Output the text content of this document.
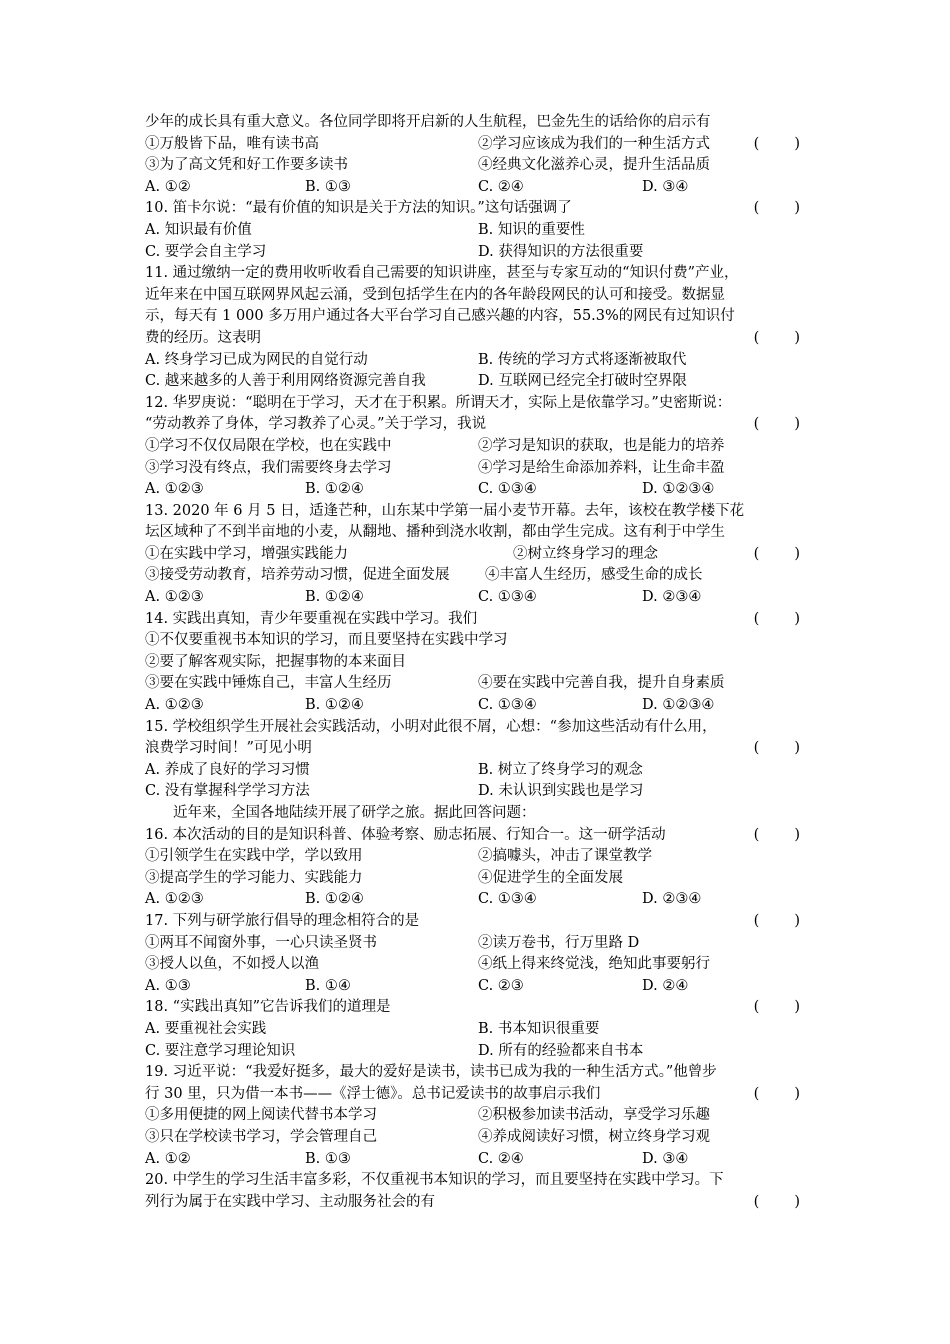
少年的成长具有重大意义。各位同学即将开启新的人生航程，巴金先生的话给你的启示有
①万般皆下品，唯有读书高	②学习应该成为我们的一种生活方式	(　　)
③为了高文凭和好工作要多读书	④经典文化滋养心灵，提升生活品质
A. ①②	B. ①③	C. ②④	D. ③④
10. 笛卡尔说：“最有价值的知识是关于方法的知识。”这句话强调了	(　　)
A. 知识最有价值	B. 知识的重要性
C. 要学会自主学习	D. 获得知识的方法很重要
11. 通过缴纳一定的费用收听收看自己需要的知识讲座，甚至与专家互动的“知识付费”产业，
近年来在中国互联网界风起云涌，受到包括学生在内的各年龄段网民的认可和接受。数据显
示，每天有 1 000 多万用户通过各大平台学习自己感兴趣的内容，55.3%的网民有过知识付
费的经历。这表明	(　　)
A. 终身学习已成为网民的自觉行动	B. 传统的学习方式将逐渐被取代
C. 越来越多的人善于利用网络资源完善自我	D. 互联网已经完全打破时空界限
12. 华罗庚说：“聪明在于学习，天才在于积累。所谓天才，实际上是依靠学习。”史密斯说：
“劳动教养了身体，学习教养了心灵。”关于学习，我说	(　　)
①学习不仅仅局限在学校，也在实践中	②学习是知识的获取，也是能力的培养
③学习没有终点，我们需要终身去学习	④学习是给生命添加养料，让生命丰盈
A. ①②③	B. ①②④	C. ①③④	D. ①②③④
13. 2020 年 6 月 5 日，适逢芒种，山东某中学第一届小麦节开幕。去年，该校在教学楼下花
坛区域种了不到半亩地的小麦，从翻地、播种到浇水收割，都由学生完成。这有利于中学生
①在实践中学习，增强实践能力	②树立终身学习的理念	(　　)
③接受劳动教育，培养劳动习惯，促进全面发展 ④丰富人生经历，感受生命的成长
A. ①②③	B. ①②④	C. ①③④	D. ②③④
14. 实践出真知，青少年要重视在实践中学习。我们	(　　)
①不仅要重视书本知识的学习，而且要坚持在实践中学习
②要了解客观实际，把握事物的本来面目
③要在实践中锤炼自己，丰富人生经历	④要在实践中完善自我，提升自身素质
A. ①②③	B. ①②④	C. ①③④	D. ①②③④
15. 学校组织学生开展社会实践活动，小明对此很不屑，心想：“参加这些活动有什么用，
浪费学习时间！”可见小明
A. 养成了良好的学习习惯	B. 树立了终身学习的观念
(　　)
C. 没有掌握科学学习方法	D. 未认识到实践也是学习
近年来，全国各地陆续开展了研学之旅。据此回答问题：
16. 本次活动的目的是知识科普、体验考察、励志拓展、行知合一。这一研学活动	(　　)
①引领学生在实践中学，学以致用	②搞噱头，冲击了课堂教学
③提高学生的学习能力、实践能力	④促进学生的全面发展
A. ①②③	B. ①②④	C. ①③④	D. ②③④
17. 下列与研学旅行倡导的理念相符合的是	(　　)
①两耳不闻窗外事，一心只读圣贤书	②读万卷书，行万里路 D
③授人以鱼，不如授人以渔	④纸上得来终觉浅，绝知此事要躬行
A. ①③	B. ①④	C. ②③	D. ②④
18. “实践出真知”它告诉我们的道理是	(　　)
A. 要重视社会实践	B. 书本知识很重要
C. 要注意学习理论知识	D. 所有的经验都来自书本
19. 习近平说：“我爱好挺多，最大的爱好是读书，读书已成为我的一种生活方式。”他曾步
行 30 里，只为借一本书——《浮士德》。总书记爱读书的故事启示我们	(　　)
①多用便捷的网上阅读代替书本学习	②积极参加读书活动，享受学习乐趣
③只在学校读书学习，学会管理自己	④养成阅读好习惯，树立终身学习观
A. ①②	B. ①③	C. ②④	D. ③④
20. 中学生的学习生活丰富多彩，不仅重视书本知识的学习，而且要坚持在实践中学习。下
列行为属于在实践中学习、主动服务社会的有	(　　)
